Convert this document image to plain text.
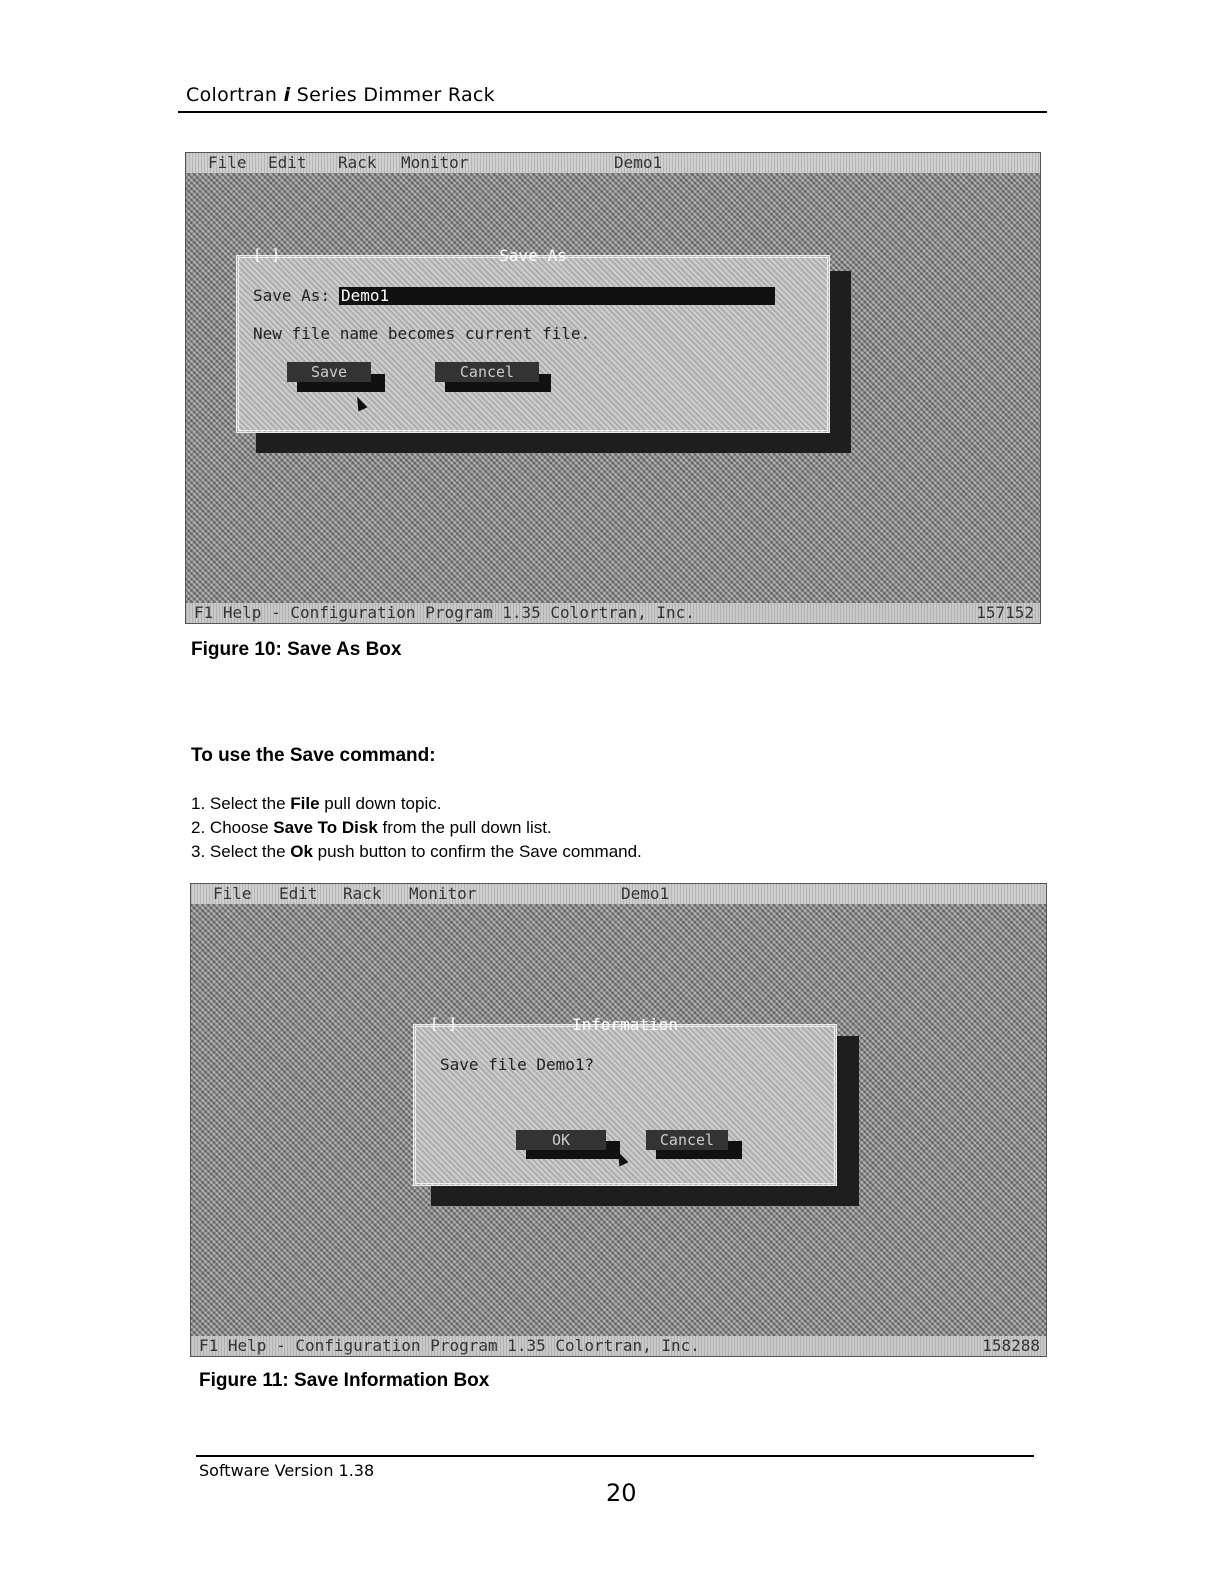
Colortran i Series Dimmer Rack
File Edit Rack Monitor	Demo1
[ ]	Save As
Save As: Demo1
New file name becomes current file.
Save	Cancel
F1 Help - Configuration Program 1.35 Colortran, Inc.	157152
Figure 10: Save As Box
To use the Save command:
1. Select the File pull down topic.
2. Choose Save To Disk from the pull down list.
3. Select the Ok push button to confirm the Save command.
File Edit Rack Monitor	Demo1
[ ]	Information
Save file Demo1?
OK	Cancel
F1 Help - Configuration Program 1.35 Colortran, Inc.	158288
Figure 11: Save Information Box
Software Version 1.38
20
